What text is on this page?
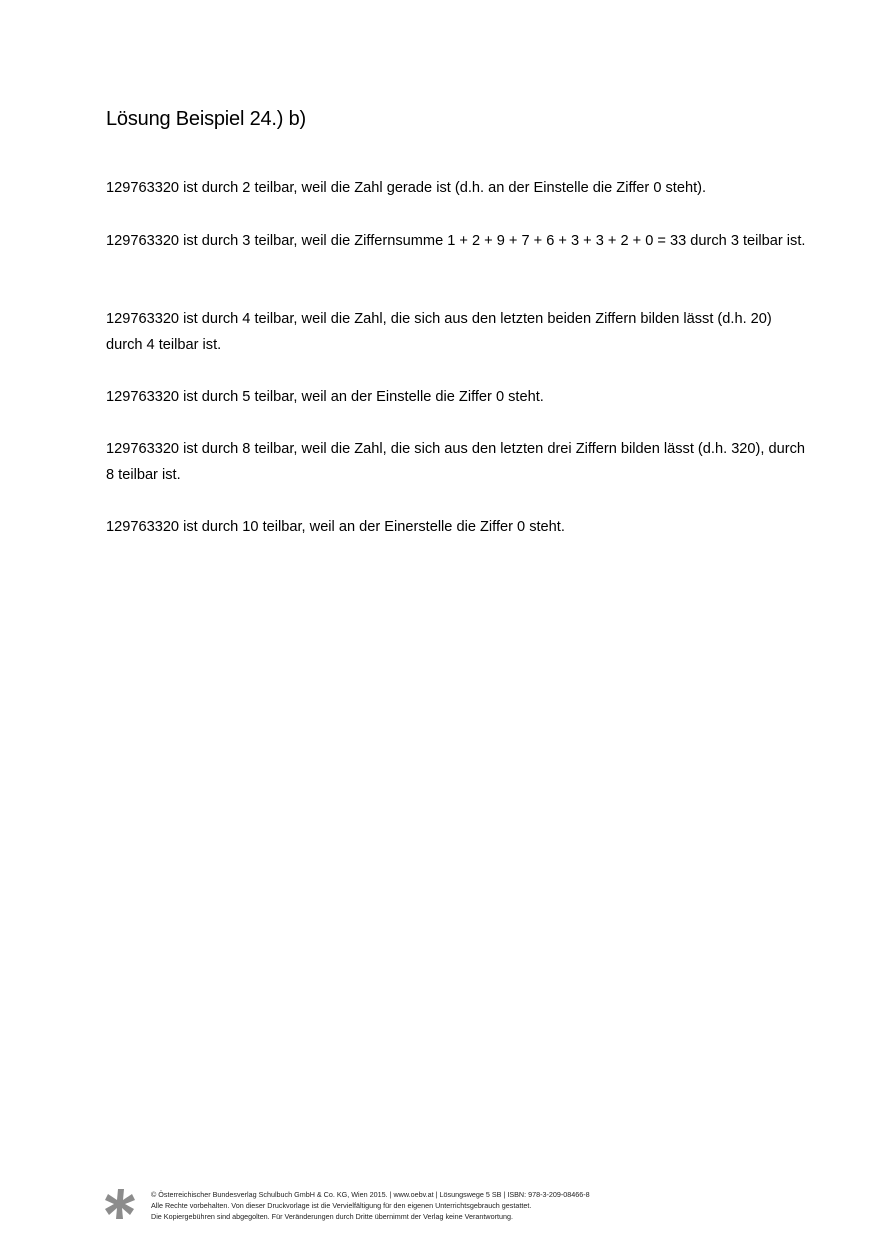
Lösung Beispiel 24.) b)

129763320 ist durch 2 teilbar, weil die Zahl gerade ist (d.h. an der Einstelle die Ziffer 0 steht).

129763320 ist durch 3 teilbar, weil die Ziffernsumme 1 + 2 + 9 + 7 + 6 + 3 + 3 + 2 + 0 = 33 durch 3 teilbar ist.

129763320 ist durch 4 teilbar, weil die Zahl, die sich aus den letzten beiden Ziffern bilden lässt (d.h. 20) durch 4 teilbar ist.

129763320 ist durch 5 teilbar, weil an der Einstelle die Ziffer 0 steht.

129763320 ist durch 8 teilbar, weil die Zahl, die sich aus den letzten drei Ziffern bilden lässt (d.h. 320), durch 8 teilbar ist.

129763320 ist durch 10 teilbar, weil an der Einerstelle die Ziffer 0 steht.

© Österreichischer Bundesverlag Schulbuch GmbH & Co. KG, Wien 2015. | www.oebv.at | Lösungswege 5 SB | ISBN: 978-3-209-08466-8
Alle Rechte vorbehalten. Von dieser Druckvorlage ist die Vervielfältigung für den eigenen Unterrichtsgebrauch gestattet.
Die Kopiergebühren sind abgegolten. Für Veränderungen durch Dritte übernimmt der Verlag keine Verantwortung.
